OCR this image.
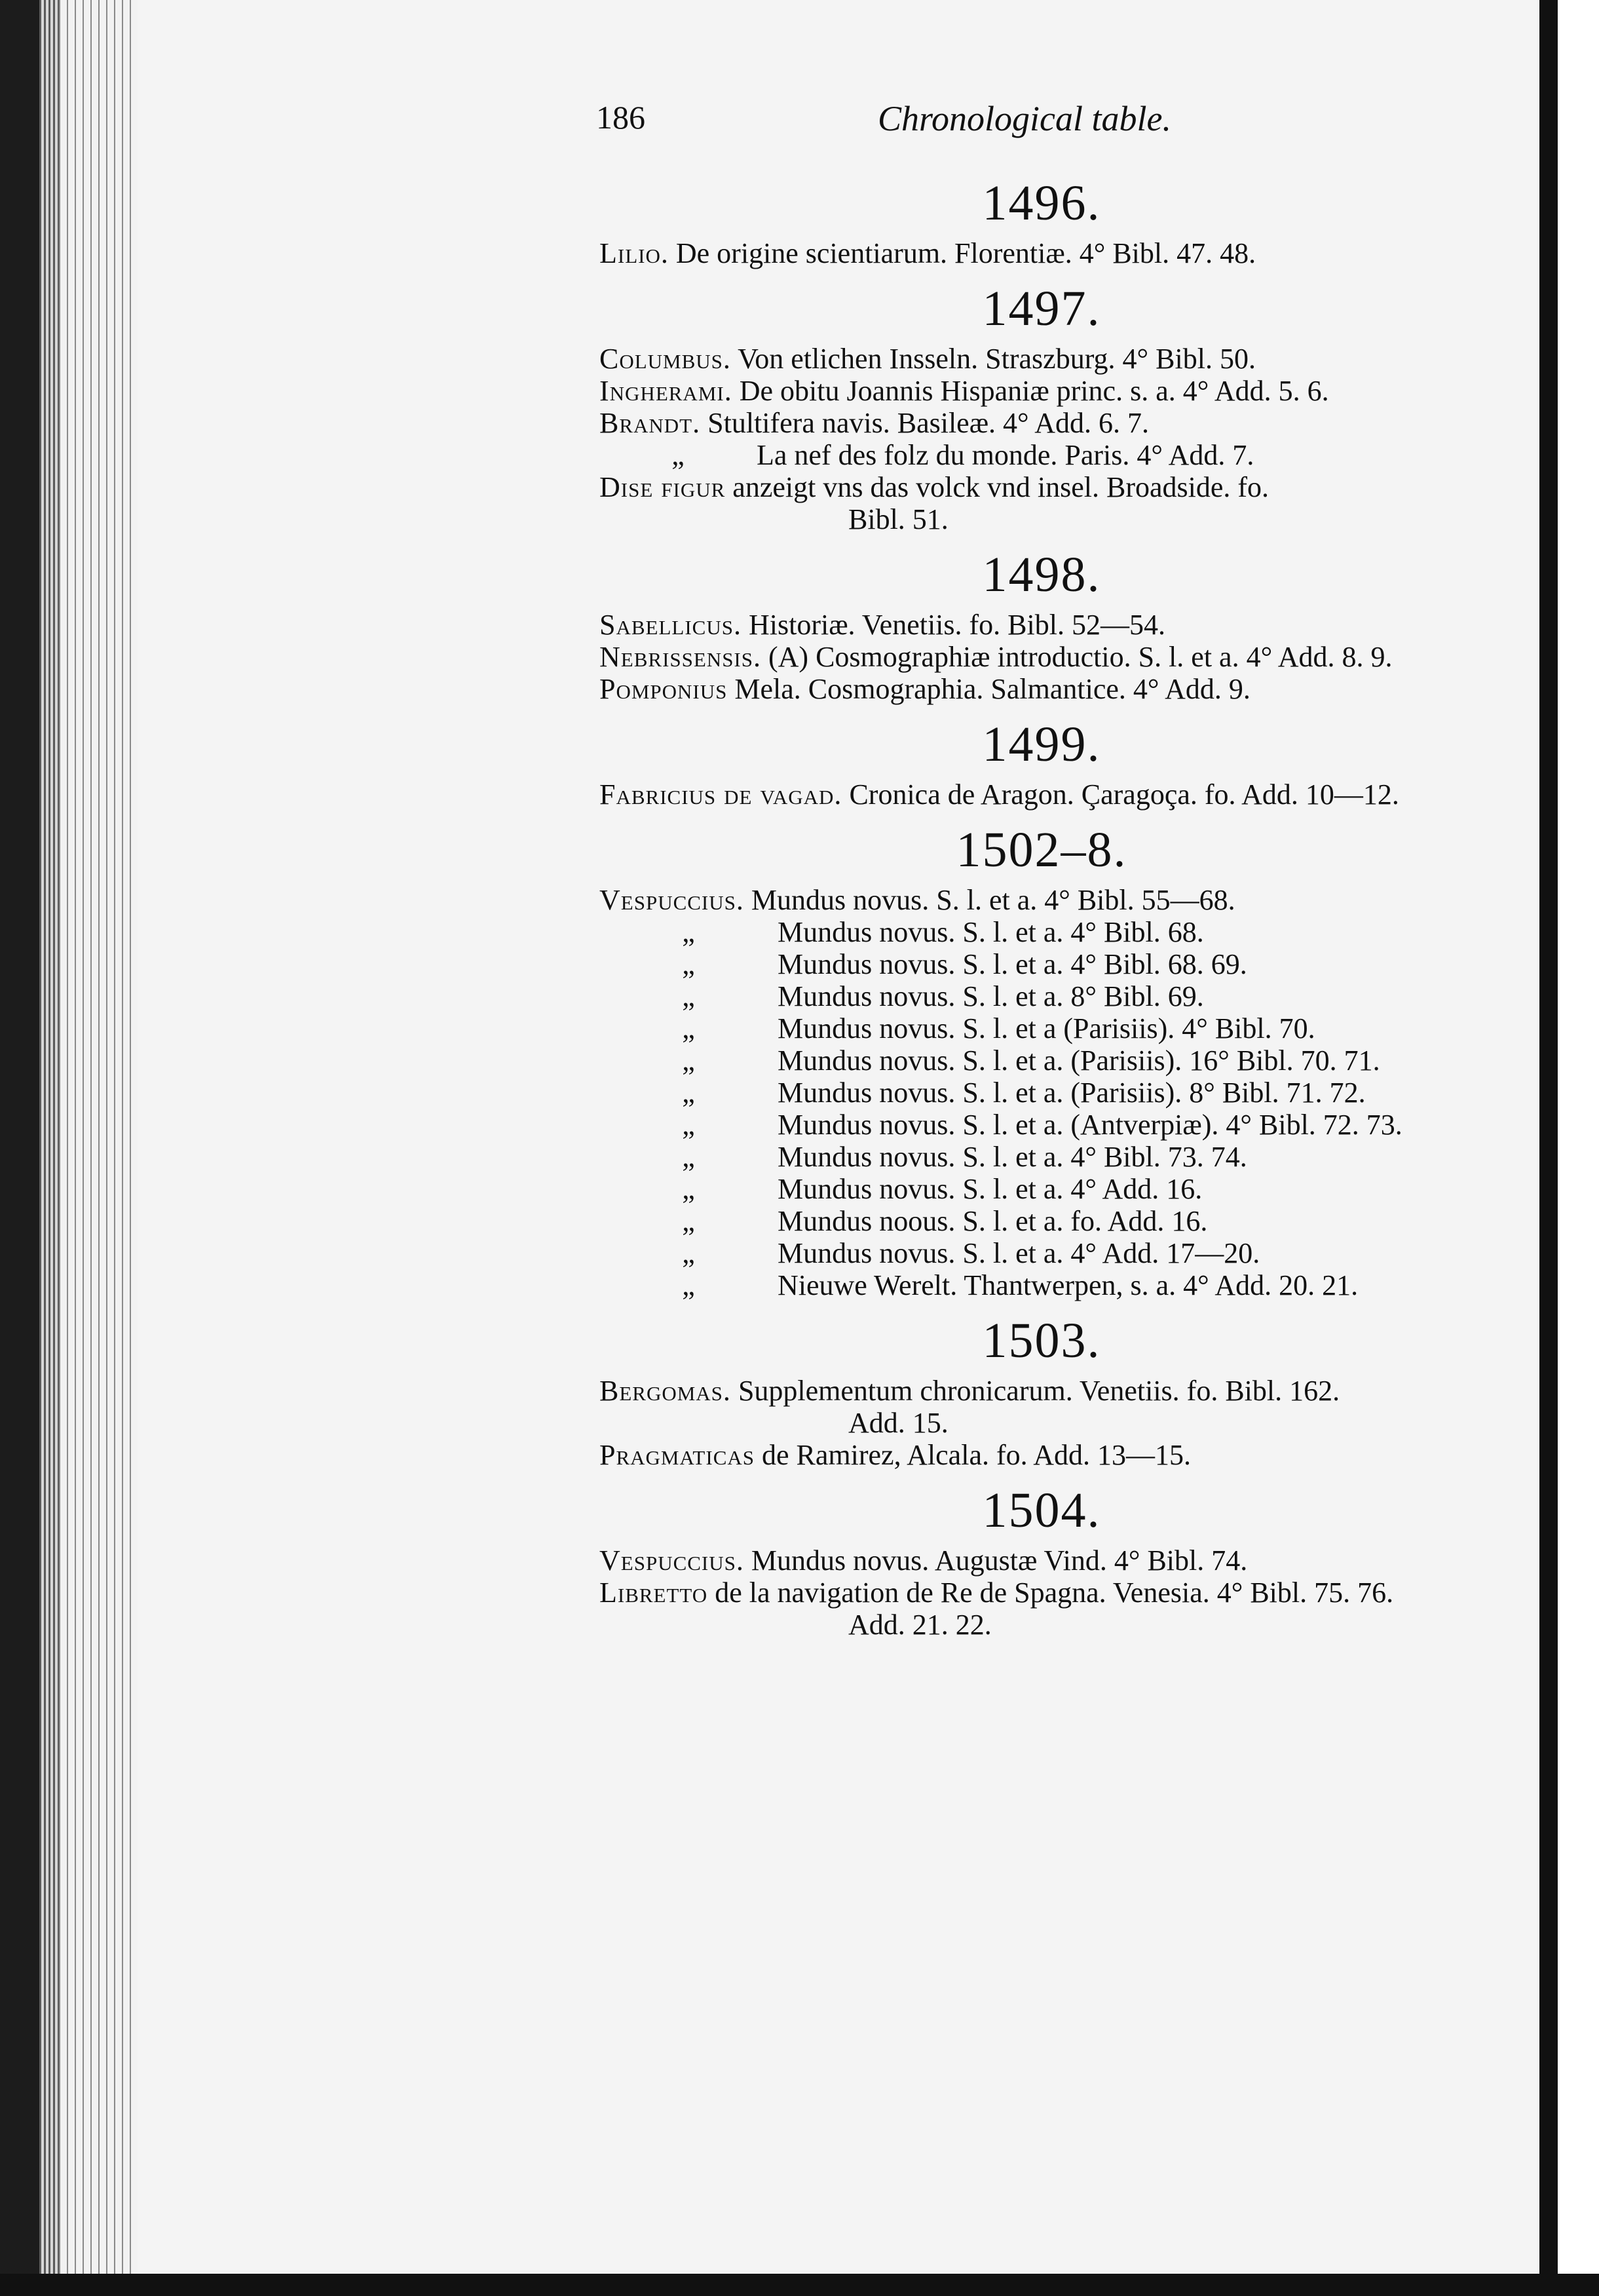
186	Chronological table.
1496.
Lilio. De origine scientiarum. Florentiæ. 4° Bibl. 47. 48.
1497.
Columbus. Von etlichen Insseln. Straszburg. 4° Bibl. 50.
Ingherami. De obitu Joannis Hispaniæ princ. s. a. 4° Add. 5. 6.
Brandt. Stultifera navis. Basileæ. 4° Add. 6. 7.
„	La nef des folz du monde. Paris. 4° Add. 7.
Dise figur anzeigt vns das volck vnd insel. Broadside. fo.
Bibl. 51.
1498.
Sabellicus. Historiæ. Venetiis. fo. Bibl. 52—54.
Nebrissensis. (A) Cosmographiæ introductio. S. l. et a. 4° Add. 8. 9.
Pomponius Mela. Cosmographia. Salmantice. 4° Add. 9.
1499.
Fabricius de vagad. Cronica de Aragon. Çaragoça. fo. Add. 10—12.
1502–8.
Vespuccius. Mundus novus. S. l. et a. 4° Bibl. 55—68.
„	Mundus novus. S. l. et a. 4° Bibl. 68.
„	Mundus novus. S. l. et a. 4° Bibl. 68. 69.
„	Mundus novus. S. l. et a. 8° Bibl. 69.
„	Mundus novus. S. l. et a (Parisiis). 4° Bibl. 70.
„	Mundus novus. S. l. et a. (Parisiis). 16° Bibl. 70. 71.
„	Mundus novus. S. l. et a. (Parisiis). 8° Bibl. 71. 72.
„	Mundus novus. S. l. et a. (Antverpiæ). 4° Bibl. 72. 73.
„	Mundus novus. S. l. et a. 4° Bibl. 73. 74.
„	Mundus novus. S. l. et a. 4° Add. 16.
„	Mundus noous. S. l. et a. fo. Add. 16.
„	Mundus novus. S. l. et a. 4° Add. 17—20.
„	Nieuwe Werelt. Thantwerpen, s. a. 4° Add. 20. 21.
1503.
Bergomas. Supplementum chronicarum. Venetiis. fo. Bibl. 162.
Add. 15.
Pragmaticas de Ramirez, Alcala. fo. Add. 13—15.
1504.
Vespuccius. Mundus novus. Augustæ Vind. 4° Bibl. 74.
Libretto de la navigation de Re de Spagna. Venesia. 4° Bibl. 75. 76.
Add. 21. 22.
